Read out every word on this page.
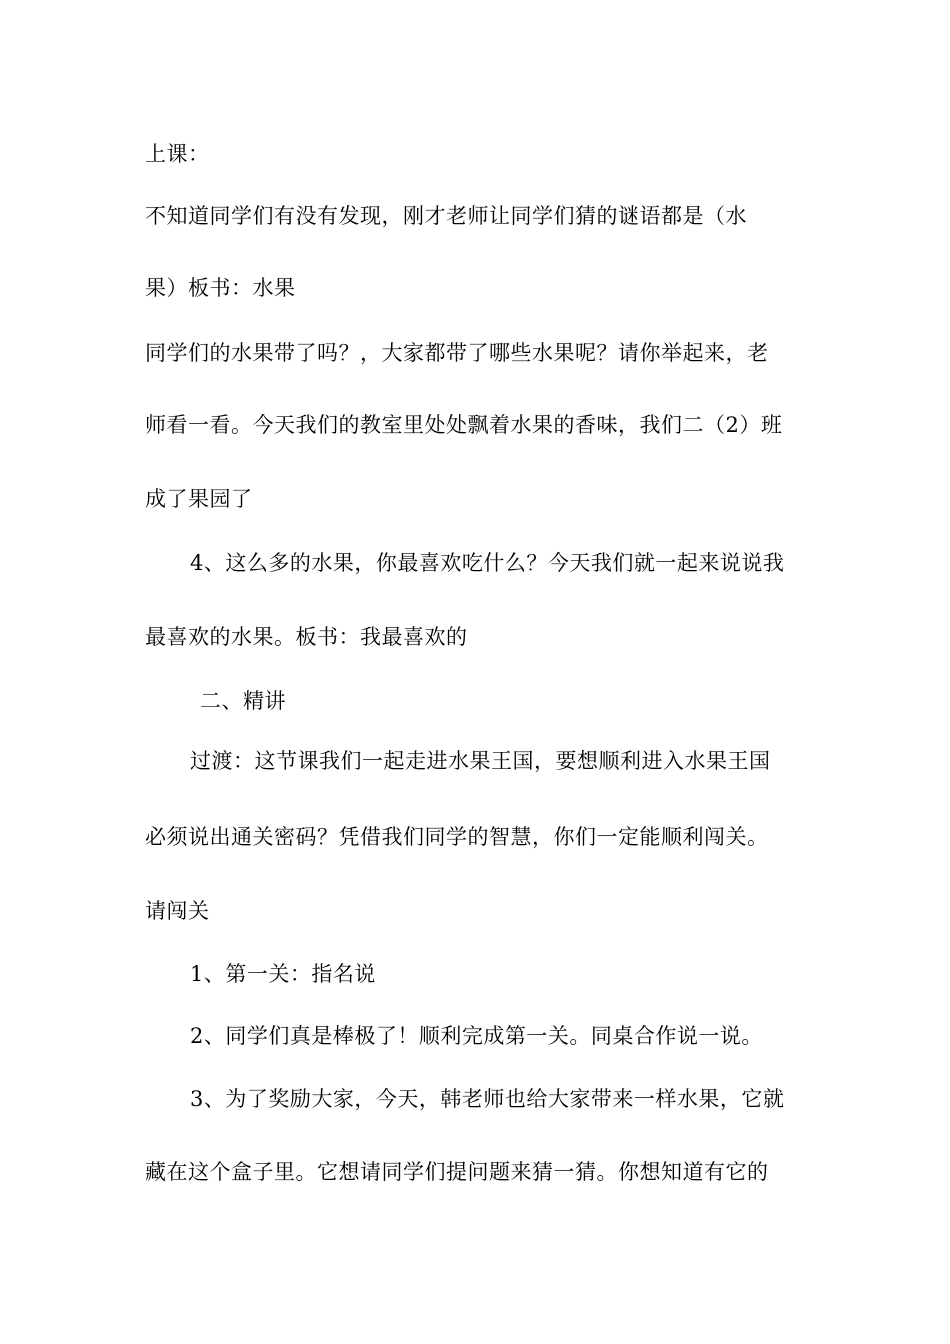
上课：
不知道同学们有没有发现，刚才老师让同学们猜的谜语都是（水
果）板书：水果
同学们的水果带了吗？，大家都带了哪些水果呢？请你举起来，老
师看一看。今天我们的教室里处处飘着水果的香味，我们二（2）班
成了果园了
4、这么多的水果，你最喜欢吃什么？今天我们就一起来说说我
最喜欢的水果。板书：我最喜欢的
二、精讲
过渡：这节课我们一起走进水果王国，要想顺利进入水果王国
必须说出通关密码？凭借我们同学的智慧，你们一定能顺利闯关。
请闯关
1、第一关：指名说
2、同学们真是棒极了！顺利完成第一关。同桌合作说一说。
3、为了奖励大家，今天，韩老师也给大家带来一样水果，它就
藏在这个盒子里。它想请同学们提问题来猜一猜。你想知道有它的
